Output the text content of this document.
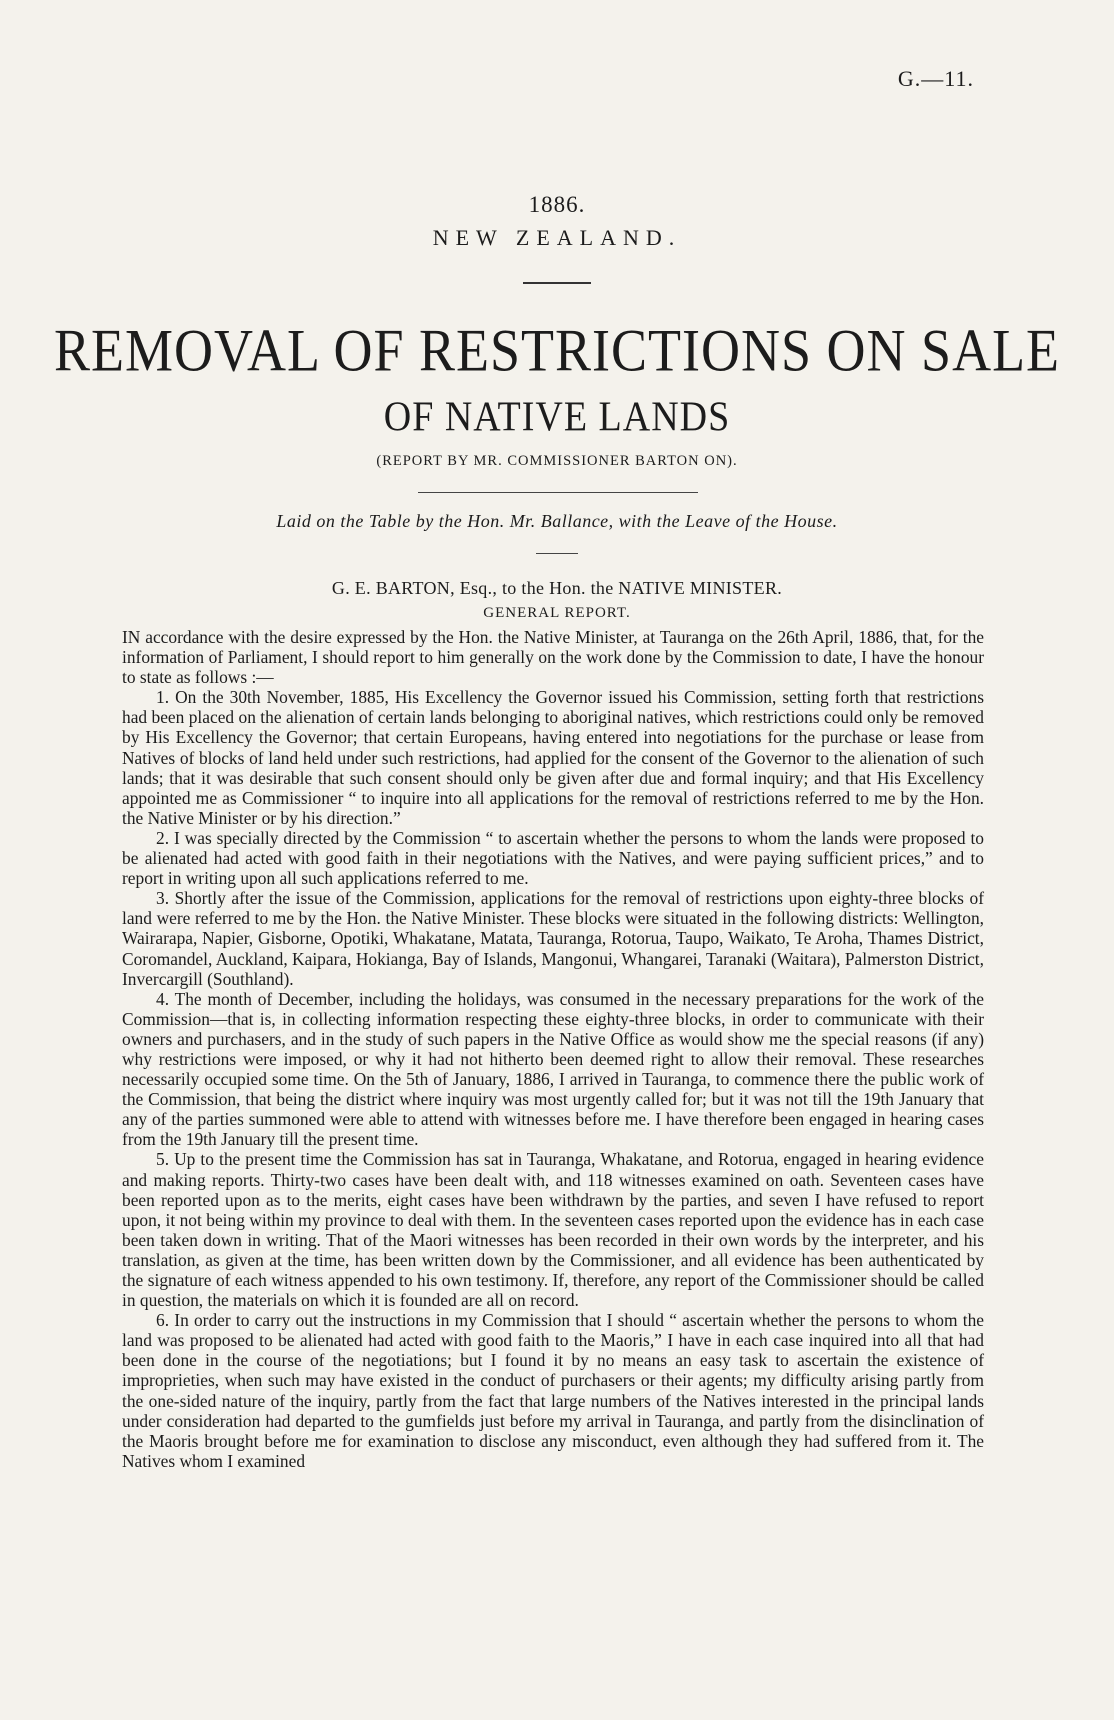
G.—11.
1886.
NEW ZEALAND.
REMOVAL OF RESTRICTIONS ON SALE
OF NATIVE LANDS
(REPORT BY MR. COMMISSIONER BARTON ON).
Laid on the Table by the Hon. Mr. Ballance, with the Leave of the House.
G. E. BARTON, Esq., to the Hon. the NATIVE MINISTER.
GENERAL REPORT.

IN accordance with the desire expressed by the Hon. the Native Minister, at Tauranga on the 26th April, 1886, that, for the information of Parliament, I should report to him generally on the work done by the Commission to date, I have the honour to state as follows :—

1. On the 30th November, 1885, His Excellency the Governor issued his Commission, setting forth that restrictions had been placed on the alienation of certain lands belonging to aboriginal natives, which restrictions could only be removed by His Excellency the Governor; that certain Europeans, having entered into negotiations for the purchase or lease from Natives of blocks of land held under such restrictions, had applied for the consent of the Governor to the alienation of such lands; that it was desirable that such consent should only be given after due and formal inquiry; and that His Excellency appointed me as Commissioner “ to inquire into all applications for the removal of restrictions referred to me by the Hon. the Native Minister or by his direction.”

2. I was specially directed by the Commission “ to ascertain whether the persons to whom the lands were proposed to be alienated had acted with good faith in their negotiations with the Natives, and were paying sufficient prices,” and to report in writing upon all such applications referred to me.

3. Shortly after the issue of the Commission, applications for the removal of restrictions upon eighty-three blocks of land were referred to me by the Hon. the Native Minister. These blocks were situated in the following districts: Wellington, Wairarapa, Napier, Gisborne, Opotiki, Whakatane, Matata, Tauranga, Rotorua, Taupo, Waikato, Te Aroha, Thames District, Coromandel, Auckland, Kaipara, Hokianga, Bay of Islands, Mangonui, Whangarei, Taranaki (Waitara), Palmerston District, Invercargill (Southland).

4. The month of December, including the holidays, was consumed in the necessary preparations for the work of the Commission—that is, in collecting information respecting these eighty-three blocks, in order to communicate with their owners and purchasers, and in the study of such papers in the Native Office as would show me the special reasons (if any) why restrictions were imposed, or why it had not hitherto been deemed right to allow their removal. These researches necessarily occupied some time. On the 5th of January, 1886, I arrived in Tauranga, to commence there the public work of the Commission, that being the district where inquiry was most urgently called for; but it was not till the 19th January that any of the parties summoned were able to attend with witnesses before me. I have therefore been engaged in hearing cases from the 19th January till the present time.

5. Up to the present time the Commission has sat in Tauranga, Whakatane, and Rotorua, engaged in hearing evidence and making reports. Thirty-two cases have been dealt with, and 118 witnesses examined on oath. Seventeen cases have been reported upon as to the merits, eight cases have been withdrawn by the parties, and seven I have refused to report upon, it not being within my province to deal with them. In the seventeen cases reported upon the evidence has in each case been taken down in writing. That of the Maori witnesses has been recorded in their own words by the interpreter, and his translation, as given at the time, has been written down by the Commissioner, and all evidence has been authenticated by the signature of each witness appended to his own testimony. If, therefore, any report of the Commissioner should be called in question, the materials on which it is founded are all on record.

6. In order to carry out the instructions in my Commission that I should “ ascertain whether the persons to whom the land was proposed to be alienated had acted with good faith to the Maoris,” I have in each case inquired into all that had been done in the course of the negotiations; but I found it by no means an easy task to ascertain the existence of improprieties, when such may have existed in the conduct of purchasers or their agents; my difficulty arising partly from the one-sided nature of the inquiry, partly from the fact that large numbers of the Natives interested in the principal lands under consideration had departed to the gumfields just before my arrival in Tauranga, and partly from the disinclination of the Maoris brought before me for examination to disclose any misconduct, even although they had suffered from it. The Natives whom I examined
